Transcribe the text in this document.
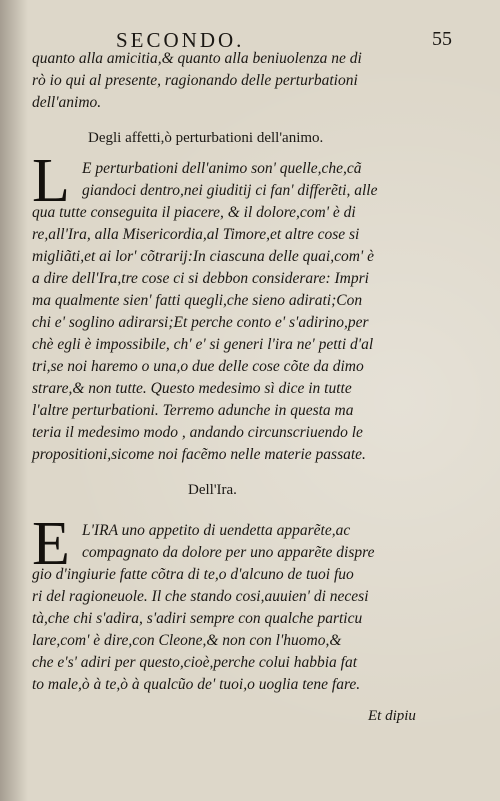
SECONDO.	55
quanto alla amicitia,& quanto alla beniuolenza ne di
rò io qui al presente, ragionando delle perturbationi
dell'animo.
Degli affetti,ò perturbationi dell'animo.
L E perturbationi dell'animo son' quelle,che,cã
giandoci dentro,nei giuditij ci fan' differẽti, alle
qua tutte conseguita il piacere, & il dolore,com' è di
re,all'Ira, alla Misericordia,al Timore,et altre cose si
migliãti,et ai lor' cõtrarij:In ciascuna delle quai,com' è
a dire dell'Ira,tre cose ci si debbon considerare: Impri
ma qualmente sien' fatti quegli,che sieno adirati;Con
chi e' soglino adirarsi;Et perche conto e' s'adirino,per
chè egli è impossibile, ch' e' si generi l'ira ne' petti d'al
tri,se noi haremo o una,o due delle cose cõte da dimo
strare,& non tutte. Questo medesimo sì dice in tutte
l'altre perturbationi. Terremo adunche in questa ma
teria il medesimo modo , andando circunscriuendo le
propositioni,sicome noi facẽmo nelle materie passate.
Dell'Ira.
E L'IRA uno appetito di uendetta apparẽte,ac
compagnato da dolore per uno apparẽte dispre
gio d'ingiurie fatte cõtra di te,o d'alcuno de tuoi fuo
ri del ragioneuole. Il che stando cosi,auuien' di necesi
tà,che chi s'adira, s'adiri sempre con qualche particu
lare,com' è dire,con Cleone,& non con l'huomo,&
che e's' adiri per questo,cioè,perche colui habbia fat
to male,ò à te,ò à qualcũo de' tuoi,o uoglia tene fare.
Et dipiu
